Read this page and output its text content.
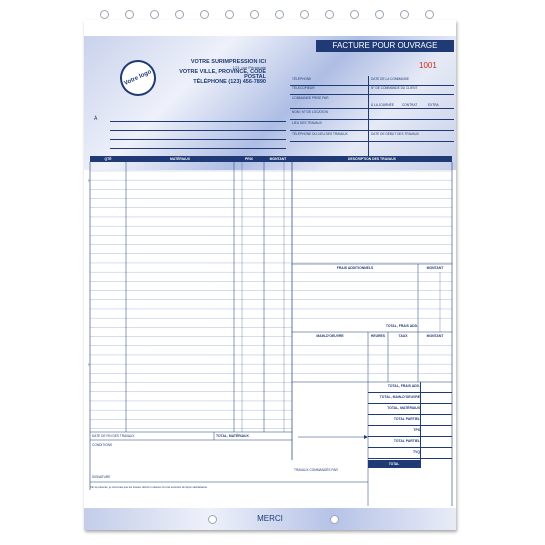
Votre logo
VOTRE SURIMPRESSION ICI
123, rue Principale
VOTRE VILLE, PROVINCE, CODE POSTAL
TÉLÉPHONE (123) 456-7890
FACTURE POUR OUVRAGE
1001
À
TÉLÉPHONE	DATE DE LA COMMANDE
TÉLÉCOPIEUR	N° DE COMMANDE DU CLIENT
COMMANDE PRISE PAR
À LA JOURNÉE	CONTRAT	EXTRA
NOM / N° DE LOCATION
LIEU DES TRAVAUX
TÉLÉPHONE DU LIEU DES TRAVAUX	DATE DE DÉBUT DES TRAVAUX
QTÉ	MATÉRIAUX	PRIX	MONTANT	DESCRIPTION DES TRAVAUX
›
›
FRAIS ADDITIONNELS	MONTANT
TOTAL, FRAIS ADD.
MAIN-D'OEUVRE	HEURES	TAUX	MONTANT
TOTAL, FRAIS ADD.
TOTAL, MAIN-D'OEUVRE
TOTAL, MATÉRIAUX
TOTAL PARTIEL
TPS
TOTAL PARTIEL
TVQ
TOTAL
DATE DE FIN DES TRAVAUX	TOTAL, MATÉRIAUX
CONDITIONS
SIGNATURE
TRAVAUX COMMANDÉS PAR
Par la présente, je reconnais que les travaux décrits ci-dessus ont été exécutés de façon satisfaisante.
MERCI
